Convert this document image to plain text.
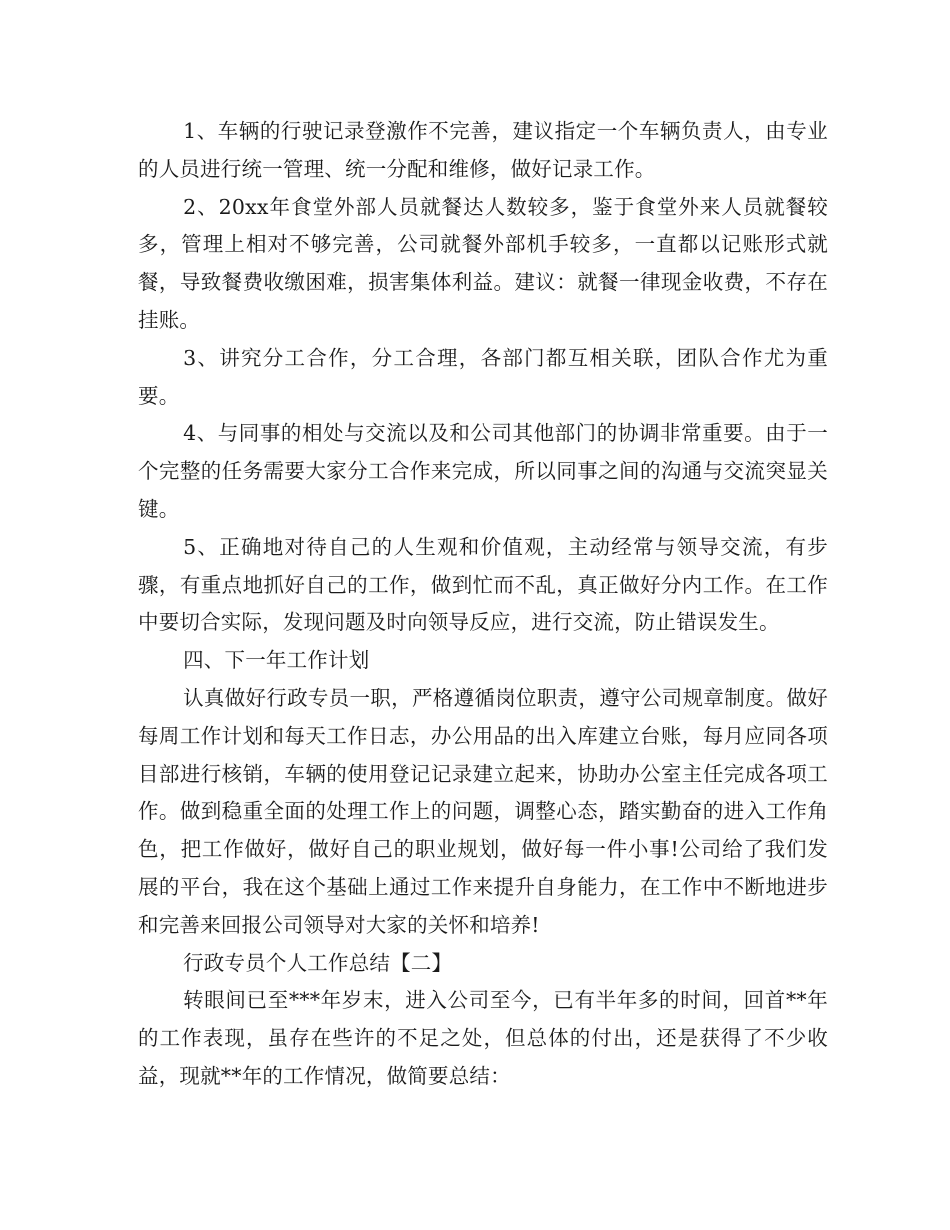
1、车辆的行驶记录登激作不完善，建议指定一个车辆负责人，由专业的人员进行统一管理、统一分配和维修，做好记录工作。

2、20xx年食堂外部人员就餐达人数较多，鉴于食堂外来人员就餐较多，管理上相对不够完善，公司就餐外部机手较多，一直都以记账形式就餐，导致餐费收缴困难，损害集体利益。建议：就餐一律现金收费，不存在挂账。

3、讲究分工合作，分工合理，各部门都互相关联，团队合作尤为重要。

4、与同事的相处与交流以及和公司其他部门的协调非常重要。由于一个完整的任务需要大家分工合作来完成，所以同事之间的沟通与交流突显关键。

5、正确地对待自己的人生观和价值观，主动经常与领导交流，有步骤，有重点地抓好自己的工作，做到忙而不乱，真正做好分内工作。在工作中要切合实际，发现问题及时向领导反应，进行交流，防止错误发生。

四、下一年工作计划

认真做好行政专员一职，严格遵循岗位职责，遵守公司规章制度。做好每周工作计划和每天工作日志，办公用品的出入库建立台账，每月应同各项目部进行核销，车辆的使用登记记录建立起来，协助办公室主任完成各项工作。做到稳重全面的处理工作上的问题，调整心态，踏实勤奋的进入工作角色，把工作做好，做好自己的职业规划，做好每一件小事!公司给了我们发展的平台，我在这个基础上通过工作来提升自身能力，在工作中不断地进步和完善来回报公司领导对大家的关怀和培养!

行政专员个人工作总结【二】

转眼间已至***年岁末，进入公司至今，已有半年多的时间，回首**年的工作表现，虽存在些许的不足之处，但总体的付出，还是获得了不少收益，现就**年的工作情况，做简要总结：
